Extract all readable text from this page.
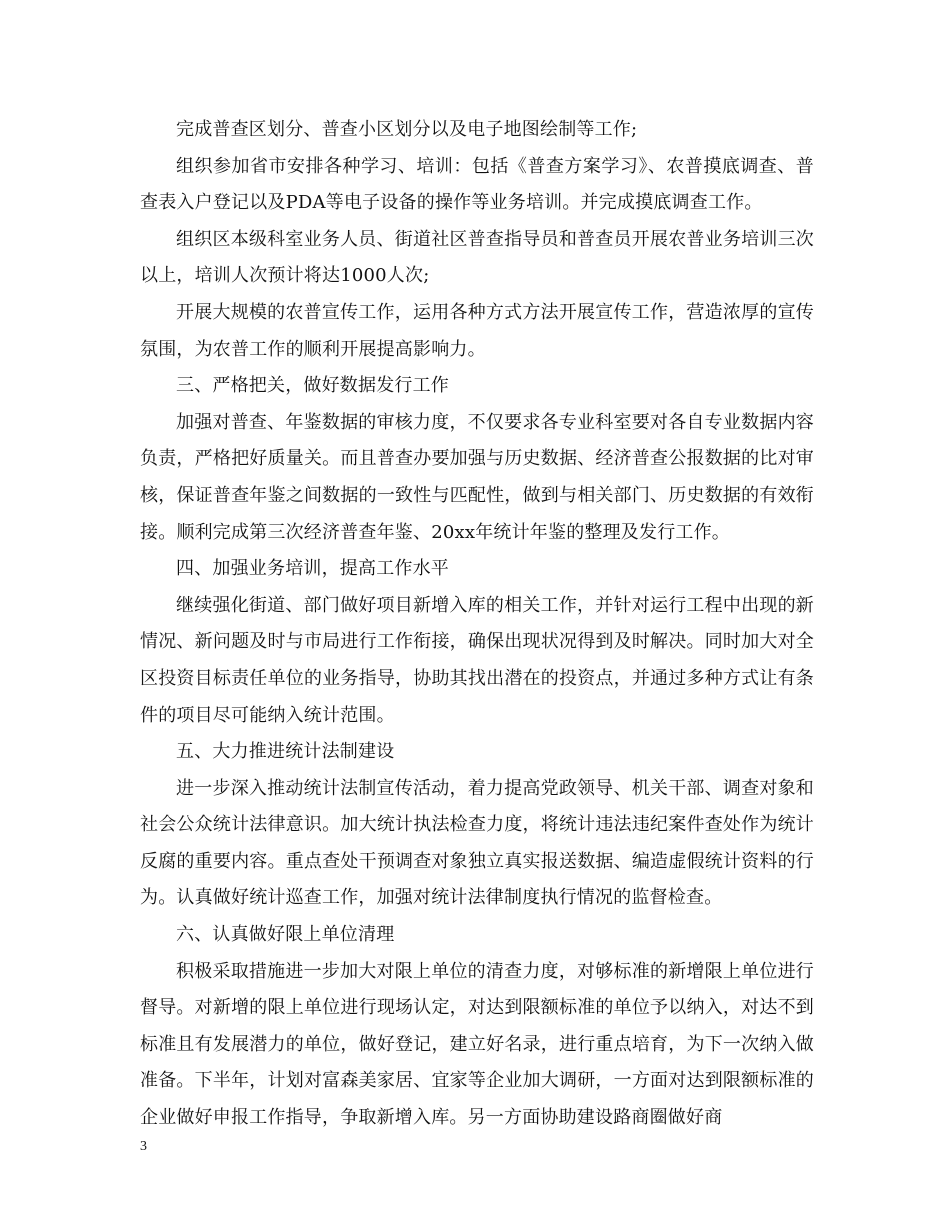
完成普查区划分、普查小区划分以及电子地图绘制等工作;

组织参加省市安排各种学习、培训：包括《普查方案学习》、农普摸底调查、普查表入户登记以及PDA等电子设备的操作等业务培训。并完成摸底调查工作。

组织区本级科室业务人员、街道社区普查指导员和普查员开展农普业务培训三次以上，培训人次预计将达1000人次;

开展大规模的农普宣传工作，运用各种方式方法开展宣传工作，营造浓厚的宣传氛围，为农普工作的顺利开展提高影响力。

三、严格把关，做好数据发行工作

加强对普查、年鉴数据的审核力度，不仅要求各专业科室要对各自专业数据内容负责，严格把好质量关。而且普查办要加强与历史数据、经济普查公报数据的比对审核，保证普查年鉴之间数据的一致性与匹配性，做到与相关部门、历史数据的有效衔接。顺利完成第三次经济普查年鉴、20xx年统计年鉴的整理及发行工作。

四、加强业务培训，提高工作水平

继续强化街道、部门做好项目新增入库的相关工作，并针对运行工程中出现的新情况、新问题及时与市局进行工作衔接，确保出现状况得到及时解决。同时加大对全区投资目标责任单位的业务指导，协助其找出潜在的投资点，并通过多种方式让有条件的项目尽可能纳入统计范围。

五、大力推进统计法制建设

进一步深入推动统计法制宣传活动，着力提高党政领导、机关干部、调查对象和社会公众统计法律意识。加大统计执法检查力度，将统计违法违纪案件查处作为统计反腐的重要内容。重点查处干预调查对象独立真实报送数据、编造虚假统计资料的行为。认真做好统计巡查工作，加强对统计法律制度执行情况的监督检查。

六、认真做好限上单位清理

积极采取措施进一步加大对限上单位的清查力度，对够标准的新增限上单位进行督导。对新增的限上单位进行现场认定，对达到限额标准的单位予以纳入，对达不到标准且有发展潜力的单位，做好登记，建立好名录，进行重点培育，为下一次纳入做准备。下半年，计划对富森美家居、宜家等企业加大调研，一方面对达到限额标准的企业做好申报工作指导，争取新增入库。另一方面协助建设路商圈做好商

3
